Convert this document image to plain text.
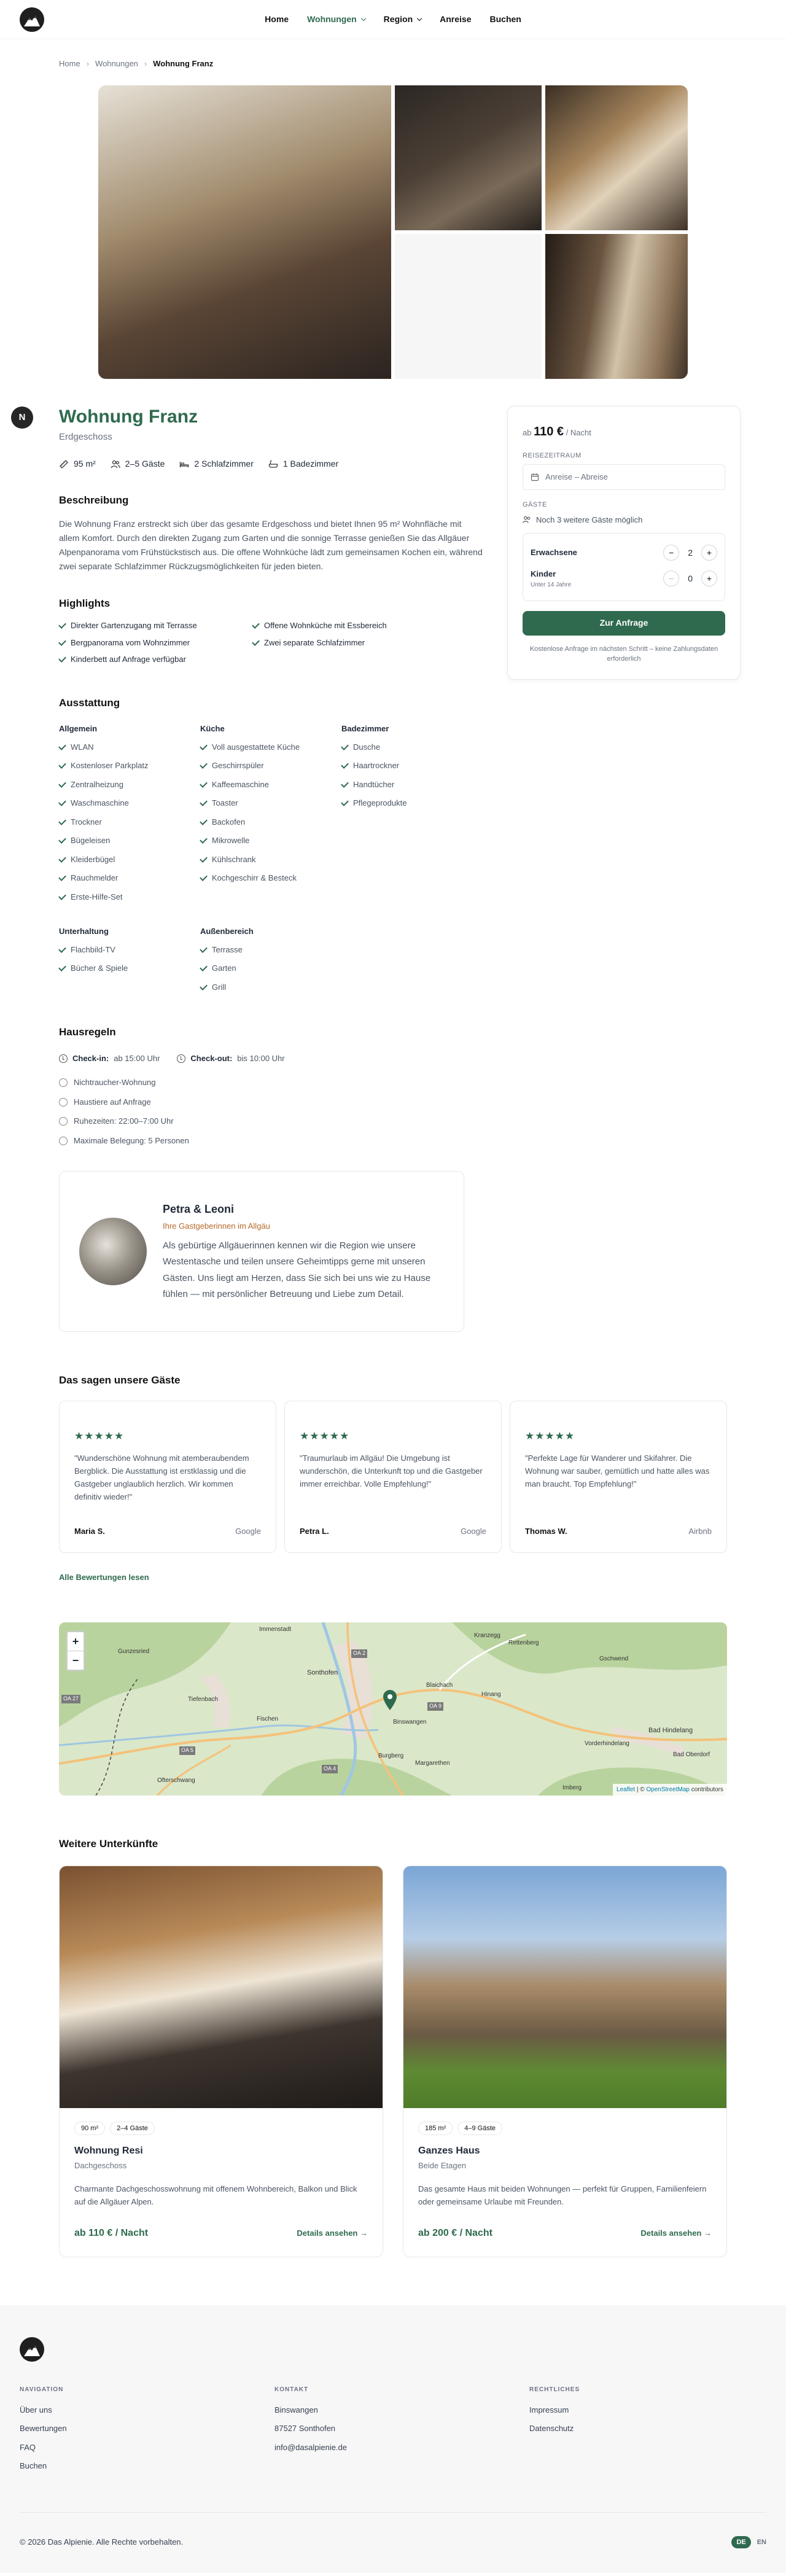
Home Wohnungen	Region	Anreise Buchen
N
Home › Wohnungen › Wohnung Franz
Wohnung Franz
Erdgeschoss
95 m²	2–5 Gäste	2 Schlafzimmer	1 Badezimmer
Beschreibung

Die Wohnung Franz erstreckt sich über das gesamte Erdgeschoss und bietet Ihnen 95 m² Wohnfläche mit allem Komfort. Durch den direkten Zugang zum Garten und die sonnige Terrasse genießen Sie das Allgäuer Alpenpanorama vom Frühstückstisch aus. Die offene Wohnküche lädt zum gemeinsamen Kochen ein, während zwei separate Schlafzimmer Rückzugsmöglichkeiten für jeden bieten.

Highlights
Direkter Gartenzugang mit Terrasse	Offene Wohnküche mit Essbereich
Bergpanorama vom Wohnzimmer	Zwei separate Schlafzimmer
Kinderbett auf Anfrage verfügbar
Ausstattung
Allgemein
WLAN
Kostenloser Parkplatz
Zentralheizung
Waschmaschine
Trockner
Bügeleisen
Kleiderbügel
Rauchmelder
Erste-Hilfe-Set
Küche
Voll ausgestattete Küche
Geschirrspüler
Kaffeemaschine
Toaster
Backofen
Mikrowelle
Kühlschrank
Kochgeschirr & Besteck
Badezimmer
Dusche
Haartrockner
Handtücher
Pflegeprodukte
Unterhaltung
Flachbild-TV
Bücher & Spiele
Außenbereich
Terrasse
Garten
Grill
Hausregeln
Check-in: ab 15:00 Uhr	Check-out: bis 10:00 Uhr
Nichtraucher-Wohnung
Haustiere auf Anfrage
Ruhezeiten: 22:00–7:00 Uhr
Maximale Belegung: 5 Personen
Petra & Leoni
Ihre Gastgeberinnen im Allgäu

Als gebürtige Allgäuerinnen kennen wir die Region wie unsere Westentasche und teilen unsere Geheimtipps gerne mit unseren Gästen. Uns liegt am Herzen, dass Sie sich bei uns wie zu Hause fühlen — mit persönlicher Betreuung und Liebe zum Detail.

ab 110 € / Nacht
REISEZEITRAUM
Anreise – Abreise
GÄSTE
Noch 3 weitere Gäste möglich
Erwachsene	−	2	+
Kinder
Unter 14 Jahre
−	0	+
Zur Anfrage
Kostenlose Anfrage im nächsten Schritt – keine Zahlungsdaten erforderlich
Das sagen unsere Gäste
★★★★★

"Wunderschöne Wohnung mit atemberaubendem Bergblick. Die Ausstattung ist erstklassig und die Gastgeber unglaublich herzlich. Wir kommen definitiv wieder!"

Maria S.	Google
★★★★★

"Traumurlaub im Allgäu! Die Umgebung ist wunderschön, die Unterkunft top und die Gastgeber immer erreichbar. Volle Empfehlung!"

Petra L.	Google
★★★★★

"Perfekte Lage für Wanderer und Skifahrer. Die Wohnung war sauber, gemütlich und hatte alles was man braucht. Top Empfehlung!"

Thomas W.	Airbnb
Alle Bewertungen lesen
Sonthofen
Blaichach
Bad Hindelang
Ofterschwang
Burgberg
Rettenberg
Immenstadt
Gunzesried
Fischen	Binswangen
Vorderhindelang
Kranzegg
Hinang
Tiefenbach
Bad Oberdorf
Imberg
Margarethen
Gschwend
OA 27
OA 5
OA 4
OA 2
OA 9
+
−
Leaflet | © OpenStreetMap contributors
Weitere Unterkünfte
90 m²	2–4 Gäste
Wohnung Resi
Dachgeschoss
Charmante Dachgeschosswohnung mit offenem Wohnbereich, Balkon und Blick auf die Allgäuer Alpen.
ab 110 € / Nacht	Details ansehen →
185 m²	4–9 Gäste
Ganzes Haus
Beide Etagen
Das gesamte Haus mit beiden Wohnungen — perfekt für Gruppen, Familienfeiern oder gemeinsame Urlaube mit Freunden.
ab 200 € / Nacht	Details ansehen →
NAVIGATION
Über uns
Bewertungen
FAQ
Buchen
KONTAKT
Binswangen
87527 Sonthofen
info@dasalpienie.de
RECHTLICHES
Impressum
Datenschutz
© 2026 Das Alpienie. Alle Rechte vorbehalten.	DE	EN
